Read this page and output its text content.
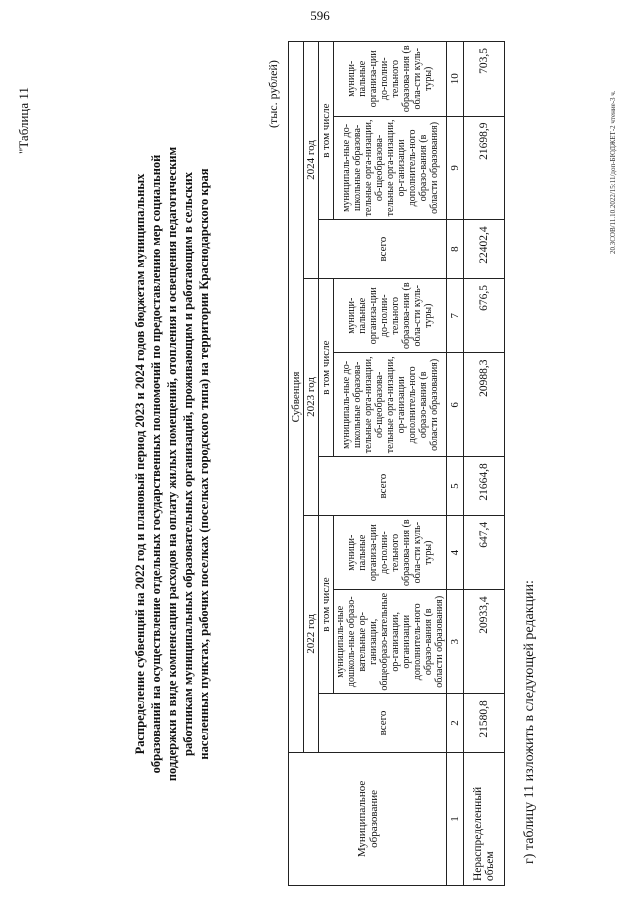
596
г) таблицу 11 изложить в следующей редакции:
"Таблица 11
Распределение субвенций на 2022 год и плановый период 2023 и 2024 годов бюджетам муниципальных образований на осуществление отдельных государственных полномочий по предоставлению мер социальной поддержки в виде компенсации расходов на оплату жилых помещений, отопления и освещения педагогическим работникам муниципальных образовательных организаций, проживающим и работающим в сельских населенных пунктах, рабочих поселках (поселках городского типа) на территории Краснодарского края
(тыс. рублей)
Муниципальное образование	Субвенция								
	2022 год			2023 год			2024 год		
	всего	в том числе		всего	в том числе		всего	в том числе	
		муниципаль-ные дошколь-ные образо-вательные ор-ганизации, общеобразо-вательные ор-ганизации, организации дополнитель-ного образо-вания (в области образования)	муници-пальные организа-ции до-полни-тельного образова-ния (в обла-сти куль-туры)		муниципаль-ные до-школьные образова-тельные орга-низации, об-щеобразова-тельные орга-низации, ор-ганизации дополнитель-ного образо-вания (в области образования)	муници-пальные организа-ции до-полни-тельного образова-ния (в обла-сти куль-туры)		муниципаль-ные до-школьные образова-тельные орга-низации, об-щеобразова-тельные орга-низации, ор-ганизации дополнитель-ного образо-вания (в области образования)	муници-пальные организа-ции до-полни-тельного образова-ния (в обла-сти куль-туры)
1	2	3	4	5	6	7	8	9	10
Нераспределенный объем	21580,8	20933,4	647,4	21664,8	20988,3	676,5	22402,4	21698,9	703,5
20.ЗСОВ/11.10.2022/15:11/доп-БЮДЖЕТ-2 чтение-3 ч.
